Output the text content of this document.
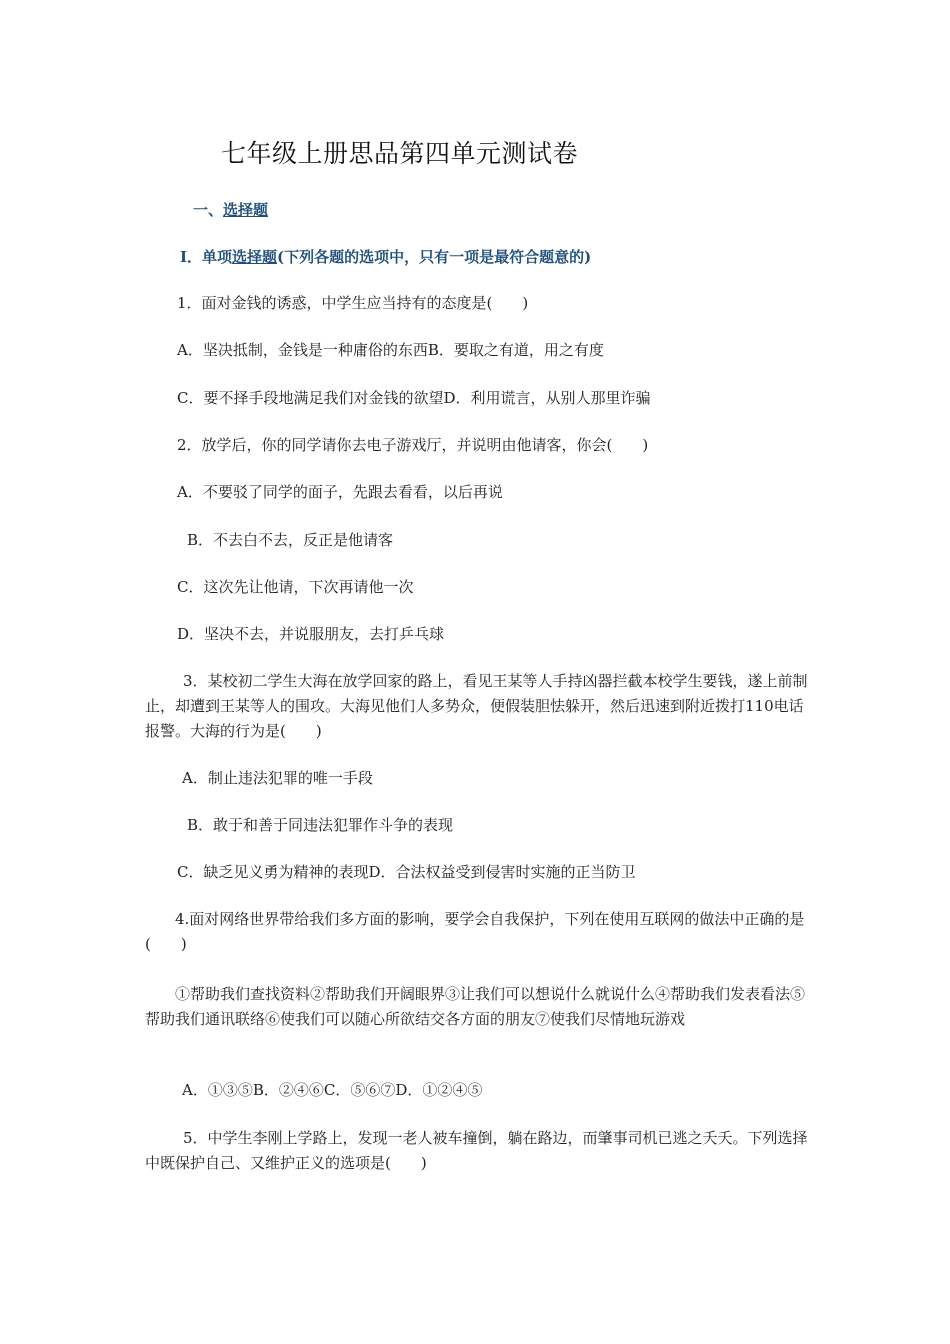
七年级上册思品第四单元测试卷
一、选择题
Ⅰ．单项选择题(下列各题的选项中，只有一项是最符合题意的)
1．面对金钱的诱惑，中学生应当持有的态度是(　　)
A．坚决抵制，金钱是一种庸俗的东西B．要取之有道，用之有度
C．要不择手段地满足我们对金钱的欲望D．利用谎言，从别人那里诈骗
2．放学后，你的同学请你去电子游戏厅，并说明由他请客，你会(　　)
A．不要驳了同学的面子，先跟去看看，以后再说
B．不去白不去，反正是他请客
C．这次先让他请，下次再请他一次
D．坚决不去，并说服朋友，去打乒乓球
3．某校初二学生大海在放学回家的路上，看见王某等人手持凶器拦截本校学生要钱，遂上前制止，却遭到王某等人的围攻。大海见他们人多势众，便假装胆怯躲开，然后迅速到附近拨打110电话报警。大海的行为是(　　)
A．制止违法犯罪的唯一手段
B．敢于和善于同违法犯罪作斗争的表现
C．缺乏见义勇为精神的表现D．合法权益受到侵害时实施的正当防卫
4.面对网络世界带给我们多方面的影响，要学会自我保护，下列在使用互联网的做法中正确的是(　　)
①帮助我们查找资料②帮助我们开阔眼界③让我们可以想说什么就说什么④帮助我们发表看法⑤帮助我们通讯联络⑥使我们可以随心所欲结交各方面的朋友⑦使我们尽情地玩游戏
A．①③⑤B．②④⑥C．⑤⑥⑦D．①②④⑤
5．中学生李刚上学路上，发现一老人被车撞倒，躺在路边，而肇事司机已逃之夭夭。下列选择中既保护自己、又维护正义的选项是(　　)
